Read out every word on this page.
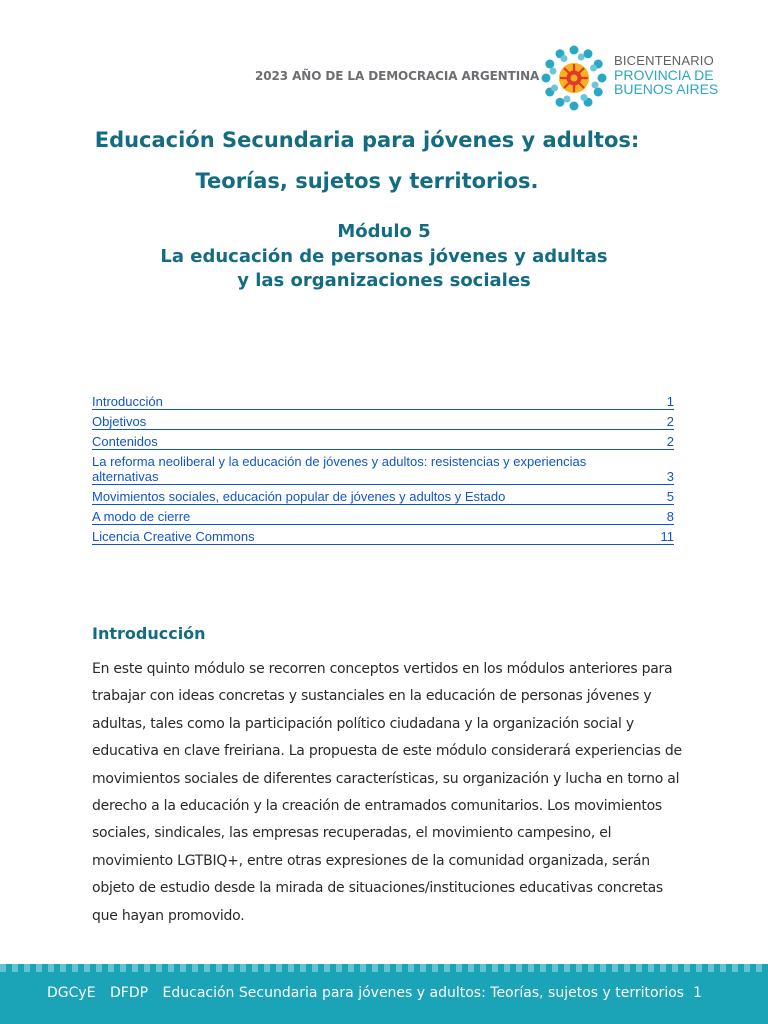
2023 AÑO DE LA DEMOCRACIA ARGENTINA
BICENTENARIO
PROVINCIA DE
BUENOS AIRES
Educación Secundaria para jóvenes y adultos:
Teorías, sujetos y territorios.
Módulo 5
La educación de personas jóvenes y adultas
y las organizaciones sociales
Introducción	1
Objetivos	2
Contenidos	2
La reforma neoliberal y la educación de jóvenes y adultos: resistencias y experiencias alternativas	3
Movimientos sociales, educación popular de jóvenes y adultos y Estado	5
A modo de cierre	8
Licencia Creative Commons	11
Introducción

En este quinto módulo se recorren conceptos vertidos en los módulos anteriores para trabajar con ideas concretas y sustanciales en la educación de personas jóvenes y adultas, tales como la participación político ciudadana y la organización social y educativa en clave freiriana. La propuesta de este módulo considerará experiencias de movimientos sociales de diferentes características, su organización y lucha en torno al derecho a la educación y la creación de entramados comunitarios. Los movimientos sociales, sindicales, las empresas recuperadas, el movimiento campesino, el movimiento LGTBIQ+, entre otras expresiones de la comunidad organizada, serán objeto de estudio desde la mirada de situaciones/instituciones educativas concretas que hayan promovido.

DGCyE DFDP Educación Secundaria para jóvenes y adultos: Teorías, sujetos y territorios 1
